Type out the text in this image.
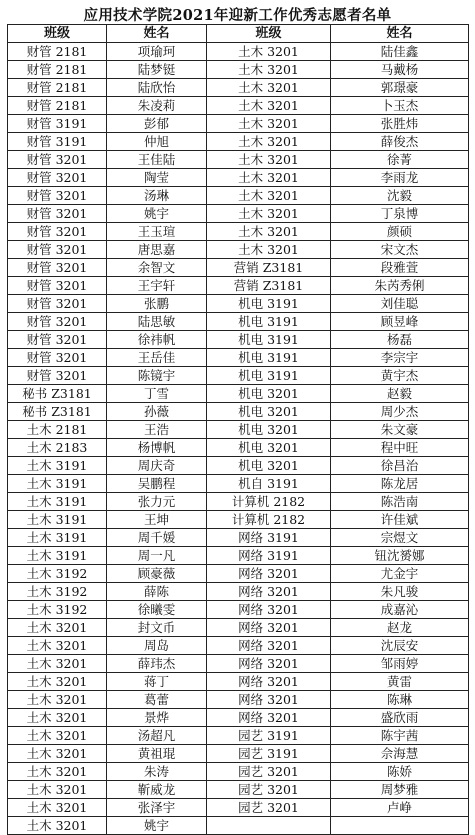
应用技术学院2021年迎新工作优秀志愿者名单
班级	姓名	班级	姓名
财管 2181	项瑜珂	土木 3201	陆佳鑫
财管 2181	陆梦铤	土木 3201	马戴杨
财管 2181	陆欣怡	土木 3201	郭璟豪
财管 2181	朱凌莉	土木 3201	卜玉杰
财管 3191	彭郁	土木 3201	张胜炜
财管 3191	仲旭	土木 3201	薛俊杰
财管 3201	王佳陆	土木 3201	徐菁
财管 3201	陶莹	土木 3201	李雨龙
财管 3201	汤琳	土木 3201	沈毅
财管 3201	姚宇	土木 3201	丁泉博
财管 3201	王玉瑄	土木 3201	颜硕
财管 3201	唐思嘉	土木 3201	宋文杰
财管 3201	余智文	营销 Z3181	段雅萱
财管 3201	王宇轩	营销 Z3181	朱芮秀俐
财管 3201	张鹏	机电 3191	刘佳聪
财管 3201	陆思敏	机电 3191	顾昱峰
财管 3201	徐祎帆	机电 3191	杨磊
财管 3201	王岳佳	机电 3191	李宗宇
财管 3201	陈镜宇	机电 3191	黄宇杰
秘书 Z3181	丁雪	机电 3201	赵毅
秘书 Z3181	孙薇	机电 3201	周少杰
土木 2181	王浩	机电 3201	朱文豪
土木 2183	杨博帆	机电 3201	程中旺
土木 3191	周庆奇	机电 3201	徐昌治
土木 3191	吴鹏程	机自 3191	陈龙居
土木 3191	张力元	计算机 2182	陈浩南
土木 3191	王坤	计算机 2182	许佳斌
土木 3191	周千媛	网络 3191	宗煜文
土木 3191	周一凡	网络 3191	钮沈赟娜
土木 3192	顾豪薇	网络 3201	尤金宇
土木 3192	薛陈	网络 3201	朱凡骏
土木 3192	徐曦雯	网络 3201	成嘉沁
土木 3201	封文币	网络 3201	赵龙
土木 3201	周岛	网络 3201	沈辰安
土木 3201	薛玮杰	网络 3201	邹雨婷
土木 3201	蒋丁	网络 3201	黄雷
土木 3201	葛蕾	网络 3201	陈琳
土木 3201	景烨	网络 3201	盛欣雨
土木 3201	汤超凡	园艺 3191	陈宇茜
土木 3201	黄祖琨	园艺 3191	佘海慧
土木 3201	朱涛	园艺 3201	陈娇
土木 3201	靳威龙	园艺 3201	周梦雅
土木 3201	张泽宇	园艺 3201	卢峥
土木 3201	姚宇		
